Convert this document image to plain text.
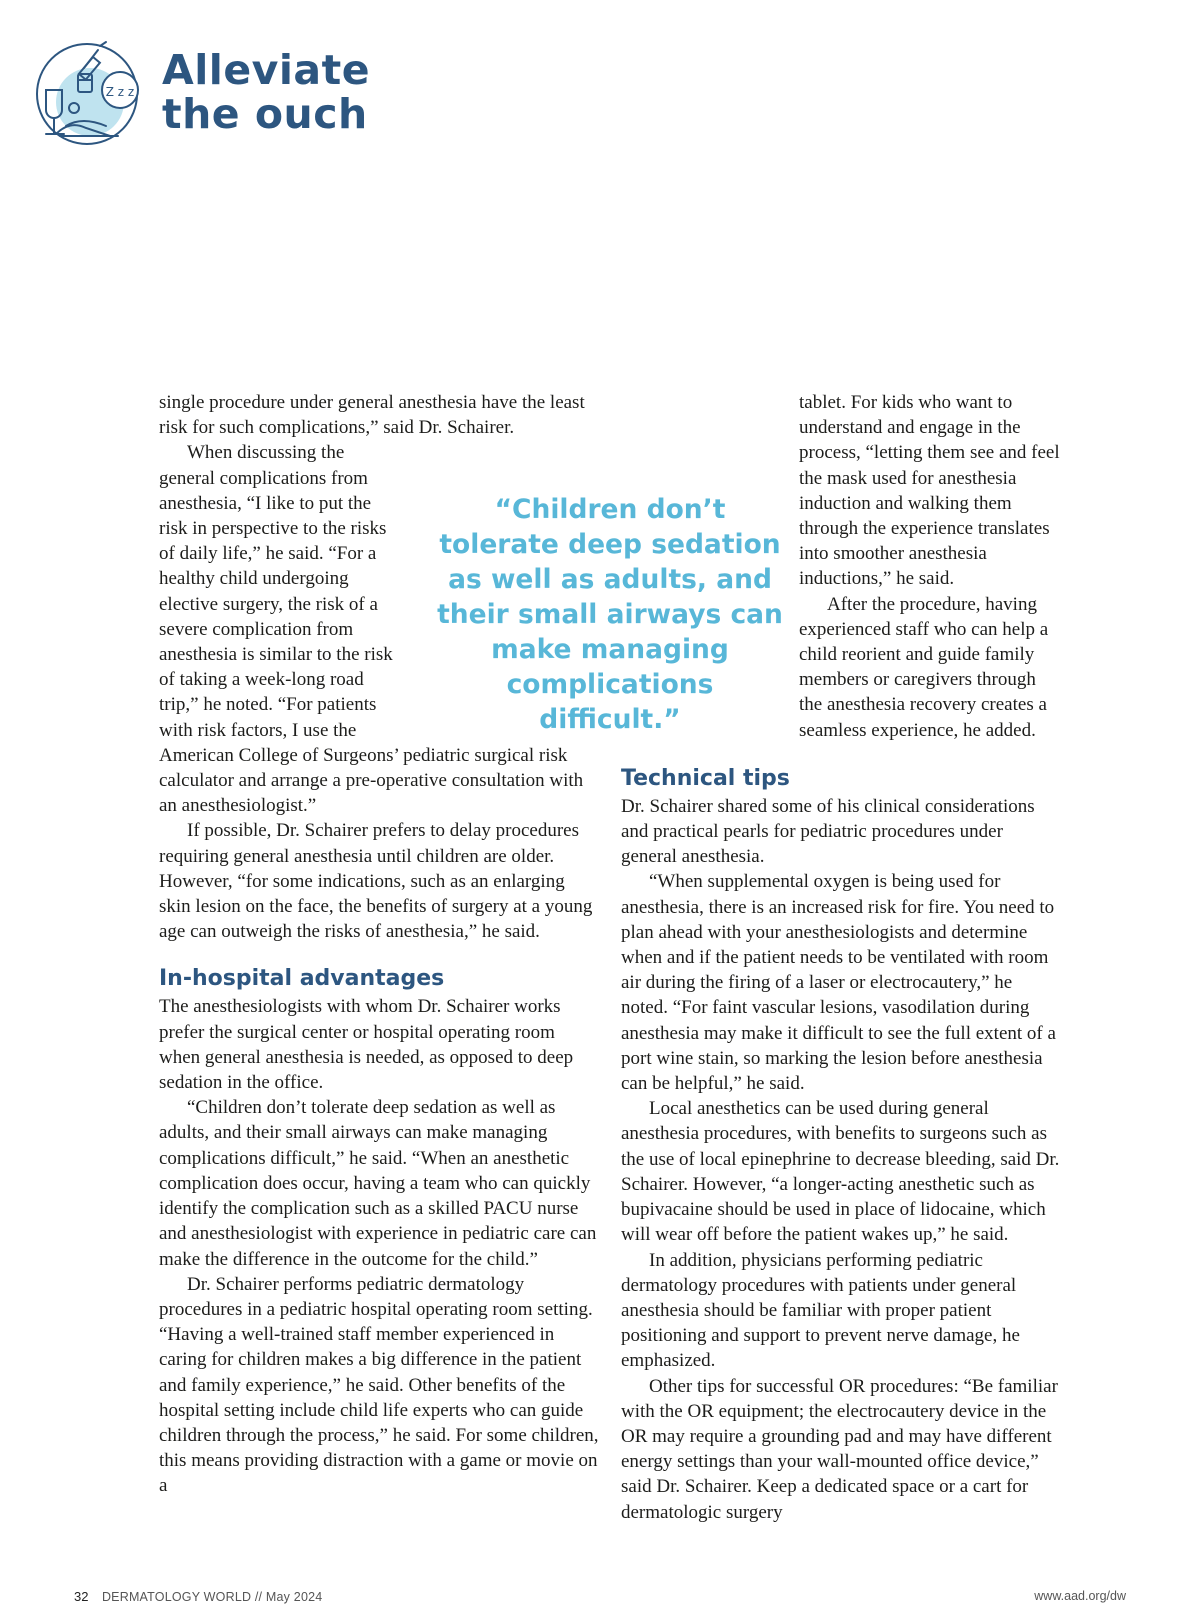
Z z z Alleviate
the ouch

single procedure under general anesthesia have the least risk for such complications,” said Dr. Schairer.

When discussing the general complications from anesthesia, “I like to put the risk in perspective to the risks of daily life,” he said. “For a healthy child undergoing elective surgery, the risk of a severe complication from anesthesia is similar to the risk of taking a week-long road trip,” he noted. “For patients with risk factors, I use the American College of Surgeons’ pediatric surgical risk calculator and arrange a pre-operative consultation with an anesthesiologist.”

If possible, Dr. Schairer prefers to delay procedures requiring general anesthesia until children are older. However, “for some indications, such as an enlarging skin lesion on the face, the benefits of surgery at a young age can outweigh the risks of anesthesia,” he said.

In-hospital advantages

The anesthesiologists with whom Dr. Schairer works prefer the surgical center or hospital operating room when general anesthesia is needed, as opposed to deep sedation in the office.

“Children don’t tolerate deep sedation as well as adults, and their small airways can make managing complications difficult,” he said. “When an anesthetic complication does occur, having a team who can quickly identify the complication such as a skilled PACU nurse and anesthesiologist with experience in pediatric care can make the difference in the outcome for the child.”

Dr. Schairer performs pediatric dermatology procedures in a pediatric hospital operating room setting. “Having a well-trained staff member experienced in caring for children makes a big difference in the patient and family experience,” he said. Other benefits of the hospital setting include child life experts who can guide children through the process,” he said. For some children, this means providing distraction with a game or movie on a

“Children don’t tolerate deep sedation as well as adults, and their small airways can make managing complications difficult.”

tablet. For kids who want to understand and engage in the process, “letting them see and feel the mask used for anesthesia induction and walking them through the experience translates into smoother anesthesia inductions,” he said.

After the procedure, having experienced staff who can help a child reorient and guide family members or caregivers through the anesthesia recovery creates a seamless experience, he added.

Technical tips

Dr. Schairer shared some of his clinical considerations and practical pearls for pediatric procedures under general anesthesia.

“When supplemental oxygen is being used for anesthesia, there is an increased risk for fire. You need to plan ahead with your anesthesiologists and determine when and if the patient needs to be ventilated with room air during the firing of a laser or electrocautery,” he noted. “For faint vascular lesions, vasodilation during anesthesia may make it difficult to see the full extent of a port wine stain, so marking the lesion before anesthesia can be helpful,” he said.

Local anesthetics can be used during general anesthesia procedures, with benefits to surgeons such as the use of local epinephrine to decrease bleeding, said Dr. Schairer. However, “a longer-acting anesthetic such as bupivacaine should be used in place of lidocaine, which will wear off before the patient wakes up,” he said.

In addition, physicians performing pediatric dermatology procedures with patients under general anesthesia should be familiar with proper patient positioning and support to prevent nerve damage, he emphasized.

Other tips for successful OR procedures: “Be familiar with the OR equipment; the electrocautery device in the OR may require a grounding pad and may have different energy settings than your wall-mounted office device,” said Dr. Schairer. Keep a dedicated space or a cart for dermatologic surgery

32 DERMATOLOGY WORLD // May 2024	www.aad.org/dw
